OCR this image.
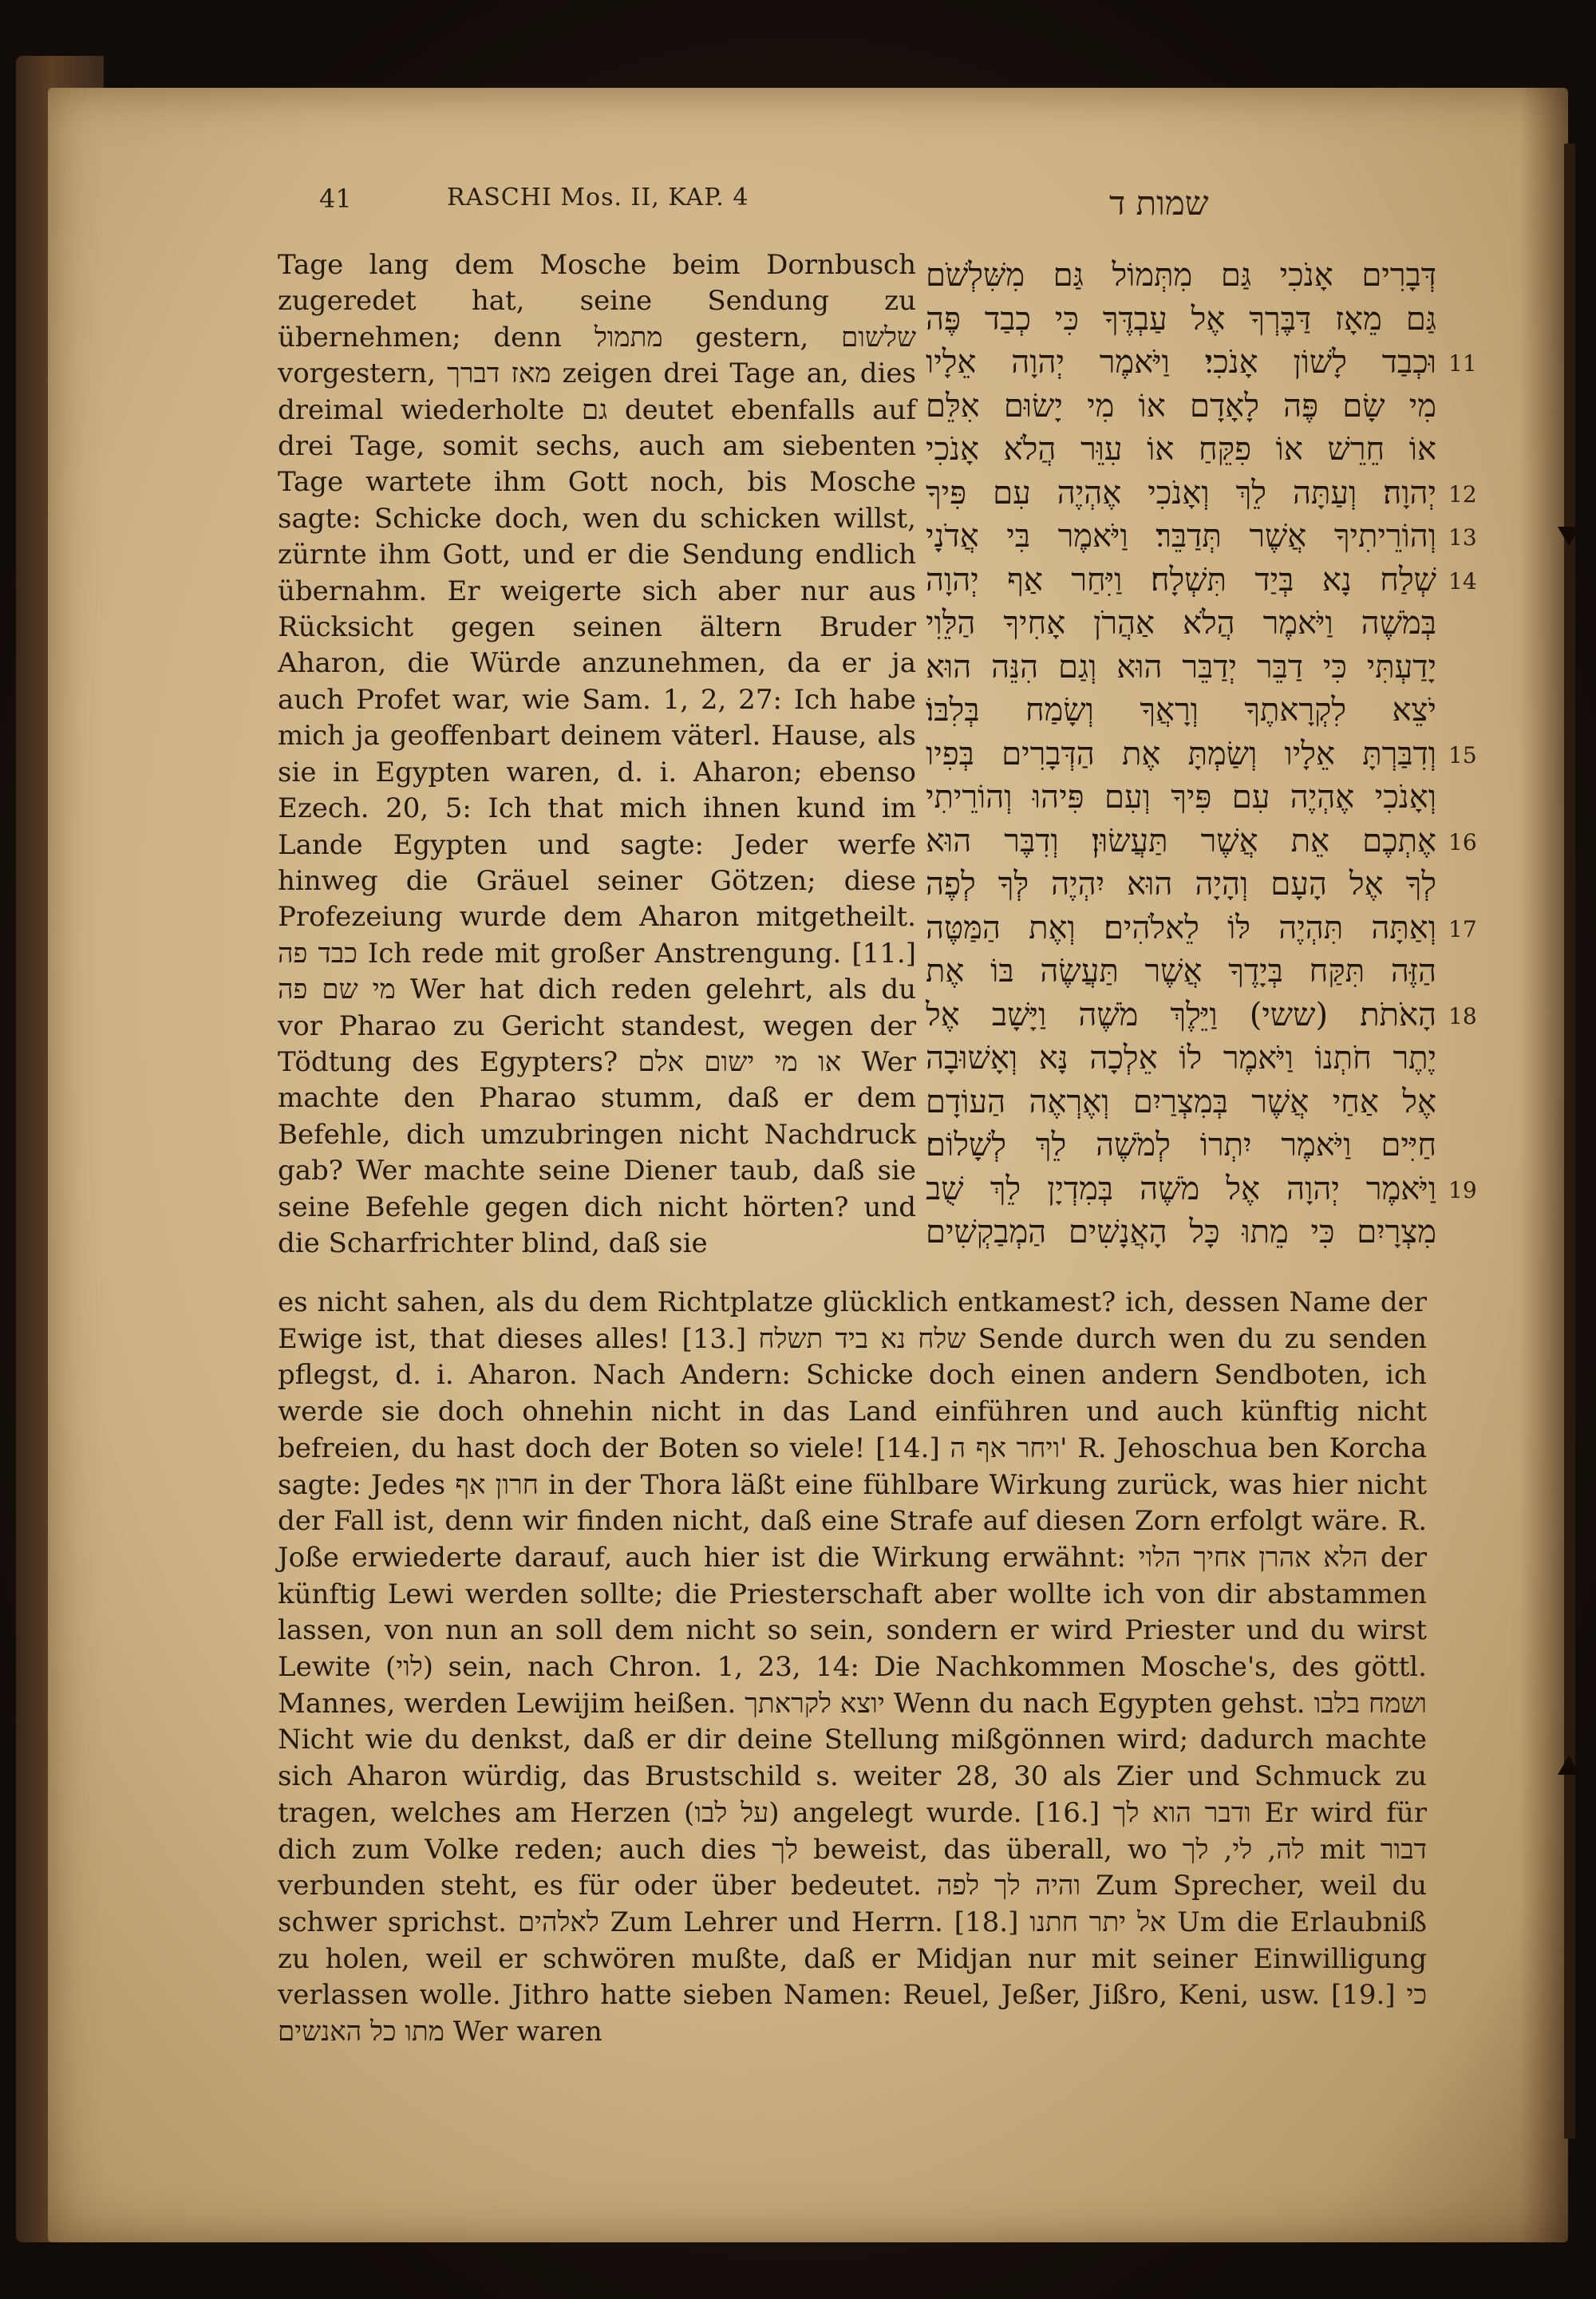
41	RASCHI Mos. II, KAP. 4	שמות ד
Tage lang dem Mosche beim Dornbusch zugeredet hat, seine Sendung zu übernehmen; denn מתמול gestern, שלשום vorgestern, מאז דברך zeigen drei Tage an, dies dreimal wiederholte גם deutet ebenfalls auf drei Tage, somit sechs, auch am siebenten Tage wartete ihm Gott noch, bis Mosche sagte: Schicke doch, wen du schicken willst, zürnte ihm Gott, und er die Sendung endlich übernahm. Er weigerte sich aber nur aus Rücksicht gegen seinen ältern Bruder Aharon, die Würde anzunehmen, da er ja auch Profet war, wie Sam. 1, 2, 27: Ich habe mich ja geoffenbart deinem väterl. Hause, als sie in Egypten waren, d. i. Aharon; ebenso Ezech. 20, 5: Ich that mich ihnen kund im Lande Egypten und sagte: Jeder werfe hinweg die Gräuel seiner Götzen; diese Profezeiung wurde dem Aharon mitgetheilt. כבד פה Ich rede mit großer Anstrengung. [11.] מי שם פה Wer hat dich reden gelehrt, als du vor Pharao zu Gericht standest, wegen der Tödtung des Egypters? או מי ישום אלם Wer machte den Pharao stumm, daß er dem Befehle, dich umzubringen nicht Nachdruck gab? Wer machte seine Diener taub, daß sie seine Befehle gegen dich nicht hörten? und die Scharfrichter blind, daß sie
דְּבָרִים אָנֹכִי גַּם מִתְּמוֹל גַּם מִשִּׁלְשֹׁם
גַּם מֵאָז דַּבֶּרְךָ אֶל עַבְדֶּךָ כִּי כְבַד פֶּה
וּכְבַד לָשׁוֹן אָנֹכִי׃ וַיֹּאמֶר יְהוָה אֵלָיו
מִי שָׂם פֶּה לָאָדָם אוֹ מִי יָשׂוּם אִלֵּם
אוֹ חֵרֵשׁ אוֹ פִקֵּחַ אוֹ עִוֵּר הֲלֹא אָנֹכִי
יְהוָה׃ וְעַתָּה לֵךְ וְאָנֹכִי אֶהְיֶה עִם פִּיךָ
וְהוֹרֵיתִיךָ אֲשֶׁר תְּדַבֵּר׃ וַיֹּאמֶר בִּי אֲדֹנָי
שְׁלַח נָא בְּיַד תִּשְׁלָח׃ וַיִּחַר אַף יְהוָה
בְּמֹשֶׁה וַיֹּאמֶר הֲלֹא אַהֲרֹן אָחִיךָ הַלֵּוִי
יָדַעְתִּי כִּי דַבֵּר יְדַבֵּר הוּא וְגַם הִנֵּה הוּא
יֹצֵא לִקְרָאתֶךָ וְרָאֲךָ וְשָׂמַח בְּלִבּוֹ׃
וְדִבַּרְתָּ אֵלָיו וְשַׂמְתָּ אֶת הַדְּבָרִים בְּפִיו
וְאָנֹכִי אֶהְיֶה עִם פִּיךָ וְעִם פִּיהוּ וְהוֹרֵיתִי
אֶתְכֶם אֵת אֲשֶׁר תַּעֲשׂוּן׃ וְדִבֶּר הוּא
לְךָ אֶל הָעָם וְהָיָה הוּא יִהְיֶה לְּךָ לְפֶה
וְאַתָּה תִּהְיֶה לּוֹ לֵאלֹהִים׃ וְאֶת הַמַּטֶּה
הַזֶּה תִּקַּח בְּיָדֶךָ אֲשֶׁר תַּעֲשֶׂה בּוֹ אֶת
הָאֹתֹת׃ (ששי) וַיֵּלֶךְ מֹשֶׁה וַיָּשָׁב אֶל
יֶתֶר חֹתְנוֹ וַיֹּאמֶר לוֹ אֵלְכָה נָּא וְאָשׁוּבָה
אֶל אַחַי אֲשֶׁר בְּמִצְרַיִם וְאֶרְאֶה הַעוֹדָם
חַיִּים וַיֹּאמֶר יִתְרוֹ לְמֹשֶׁה לֵךְ לְשָׁלוֹם׃
וַיֹּאמֶר יְהוָה אֶל מֹשֶׁה בְּמִדְיָן לֵךְ שֻׁב
מִצְרָיִם כִּי מֵתוּ כָּל הָאֲנָשִׁים הַמְבַקְשִׁים
11
12
13
14
15
16
17
18
19
es nicht sahen, als du dem Richtplatze glücklich entkamest? ich, dessen Name der Ewige ist, that dieses alles! [13.] שלח נא ביד תשלח Sende durch wen du zu senden pflegst, d. i. Aharon. Nach Andern: Schicke doch einen andern Sendboten, ich werde sie doch ohnehin nicht in das Land einführen und auch künftig nicht befreien, du hast doch der Boten so viele! [14.] ויחר אף ה' R. Jehoschua ben Korcha sagte: Jedes חרון אף in der Thora läßt eine fühlbare Wirkung zurück, was hier nicht der Fall ist, denn wir finden nicht, daß eine Strafe auf diesen Zorn erfolgt wäre. R. Joße erwiederte darauf, auch hier ist die Wirkung erwähnt: הלא אהרן אחיך הלוי der künftig Lewi werden sollte; die Priesterschaft aber wollte ich von dir abstammen lassen, von nun an soll dem nicht so sein, sondern er wird Priester und du wirst Lewite (לוי) sein, nach Chron. 1, 23, 14: Die Nachkommen Mosche's, des göttl. Mannes, werden Lewijim heißen. יוצא לקראתך Wenn du nach Egypten gehst. ושמח בלבו Nicht wie du denkst, daß er dir deine Stellung mißgönnen wird; dadurch machte sich Aharon würdig, das Brustschild s. weiter 28, 30 als Zier und Schmuck zu tragen, welches am Herzen (על לבו) angelegt wurde. [16.] ודבר הוא לך Er wird für dich zum Volke reden; auch dies לך beweist, das überall, wo לה, לי, לך mit דבור verbunden steht, es für oder über bedeutet. והיה לך לפה Zum Sprecher, weil du schwer sprichst. לאלהים Zum Lehrer und Herrn. [18.] אל יתר חתנו Um die Erlaubniß zu holen, weil er schwören mußte, daß er Midjan nur mit seiner Einwilligung verlassen wolle. Jithro hatte sieben Namen: Reuel, Jeßer, Jißro, Keni, usw. [19.] כי מתו כל האנשים Wer waren
